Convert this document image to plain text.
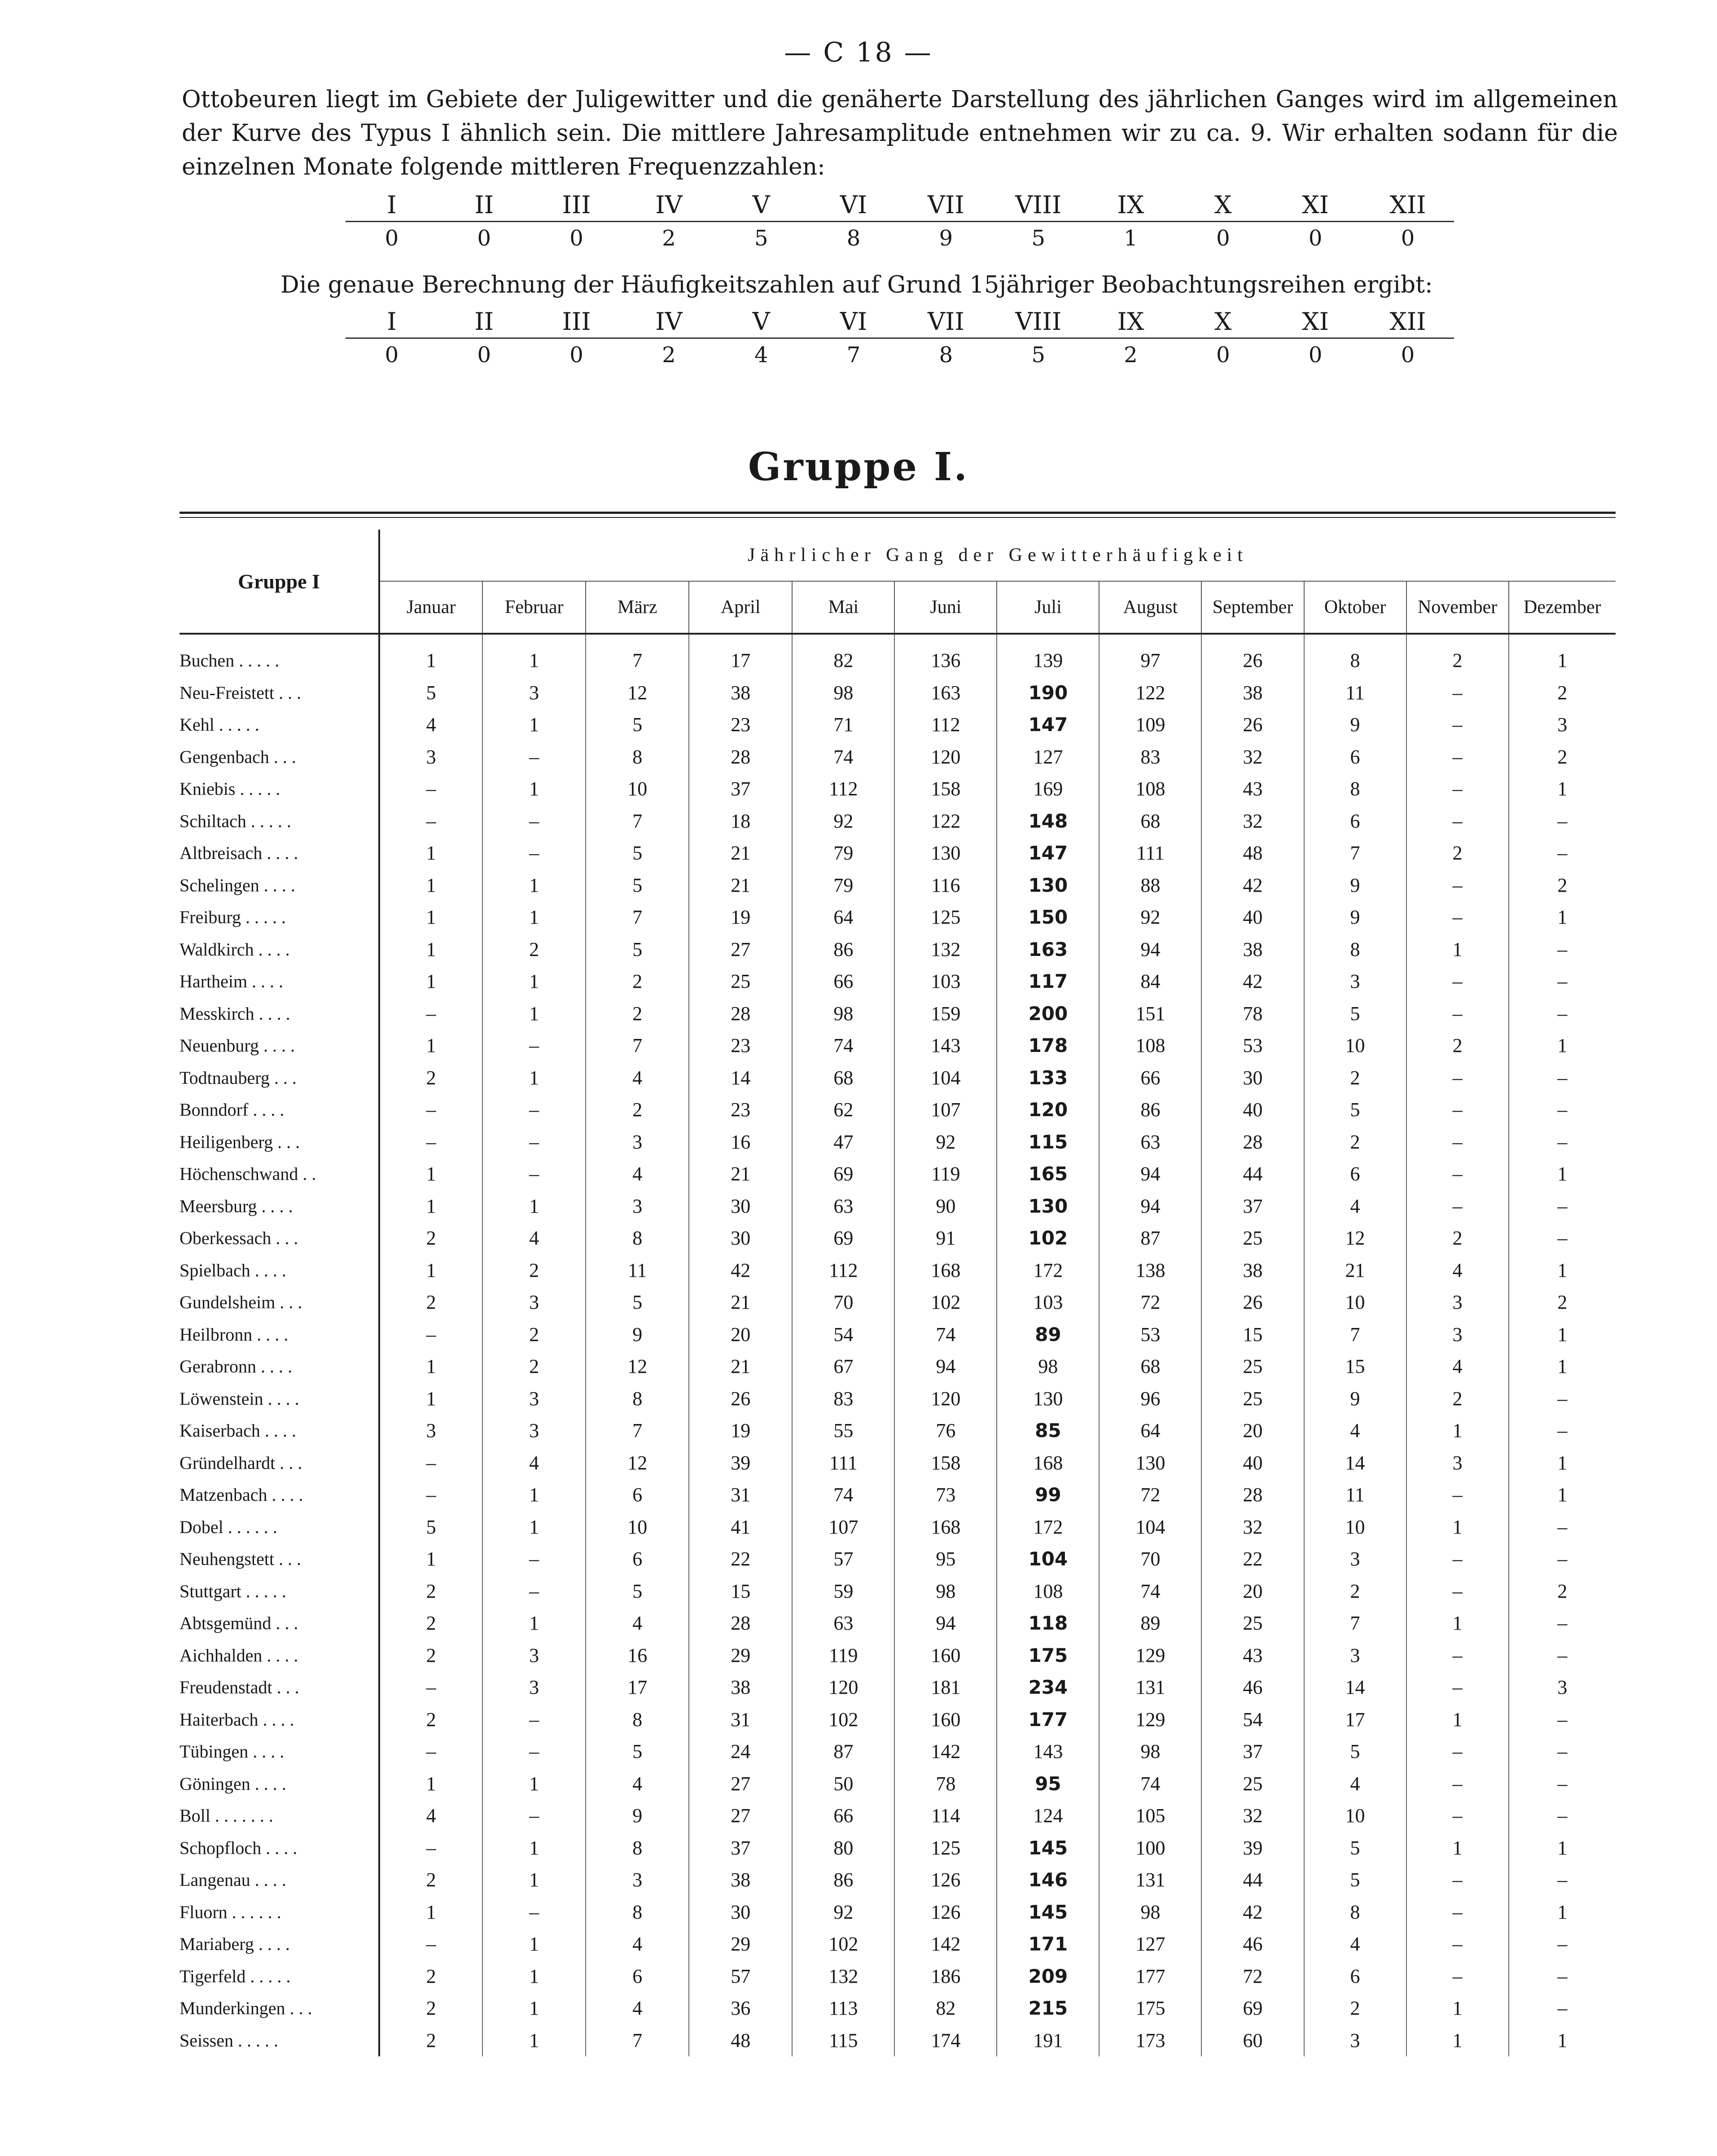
— C 18 —

Ottobeuren liegt im Gebiete der Juligewitter und die genäherte Darstellung des jährlichen Ganges wird im allgemeinen der Kurve des Typus I ähnlich sein. Die mittlere Jahresamplitude entnehmen wir zu ca. 9. Wir erhalten sodann für die einzelnen Monate folgende mittleren Frequenzzahlen:

I	II	III	IV	V	VI	VII	VIII	IX	X	XI	XII
0	0	0	2	5	8	9	5	1	0	0	0
Die genaue Berechnung der Häufigkeitszahlen auf Grund 15jähriger Beobachtungsreihen ergibt:
I	II	III	IV	V	VI	VII	VIII	IX	X	XI	XII
0	0	0	2	4	7	8	5	2	0	0	0
Gruppe I.
Gruppe I	Jährlicher Gang der Gewitterhäufigkeit											
	Januar	Februar	März	April	Mai	Juni	Juli	August	September	Oktober	November	Dezember
Buchen . . . . .	1	1	7	17	82	136	139	97	26	8	2	1
Neu-Freistett . . .	5	3	12	38	98	163	190	122	38	11	–	2
Kehl . . . . .	4	1	5	23	71	112	147	109	26	9	–	3
Gengenbach . . .	3	–	8	28	74	120	127	83	32	6	–	2
Kniebis . . . . .	–	1	10	37	112	158	169	108	43	8	–	1
Schiltach . . . . .	–	–	7	18	92	122	148	68	32	6	–	–
Altbreisach . . . .	1	–	5	21	79	130	147	111	48	7	2	–
Schelingen . . . .	1	1	5	21	79	116	130	88	42	9	–	2
Freiburg . . . . .	1	1	7	19	64	125	150	92	40	9	–	1
Waldkirch . . . .	1	2	5	27	86	132	163	94	38	8	1	–
Hartheim . . . .	1	1	2	25	66	103	117	84	42	3	–	–
Messkirch . . . .	–	1	2	28	98	159	200	151	78	5	–	–
Neuenburg . . . .	1	–	7	23	74	143	178	108	53	10	2	1
Todtnauberg . . .	2	1	4	14	68	104	133	66	30	2	–	–
Bonndorf . . . .	–	–	2	23	62	107	120	86	40	5	–	–
Heiligenberg . . .	–	–	3	16	47	92	115	63	28	2	–	–
Höchenschwand . .	1	–	4	21	69	119	165	94	44	6	–	1
Meersburg . . . .	1	1	3	30	63	90	130	94	37	4	–	–
Oberkessach . . .	2	4	8	30	69	91	102	87	25	12	2	–
Spielbach . . . .	1	2	11	42	112	168	172	138	38	21	4	1
Gundelsheim . . .	2	3	5	21	70	102	103	72	26	10	3	2
Heilbronn . . . .	–	2	9	20	54	74	89	53	15	7	3	1
Gerabronn . . . .	1	2	12	21	67	94	98	68	25	15	4	1
Löwenstein . . . .	1	3	8	26	83	120	130	96	25	9	2	–
Kaiserbach . . . .	3	3	7	19	55	76	85	64	20	4	1	–
Gründelhardt . . .	–	4	12	39	111	158	168	130	40	14	3	1
Matzenbach . . . .	–	1	6	31	74	73	99	72	28	11	–	1
Dobel . . . . . .	5	1	10	41	107	168	172	104	32	10	1	–
Neuhengstett . . .	1	–	6	22	57	95	104	70	22	3	–	–
Stuttgart . . . . .	2	–	5	15	59	98	108	74	20	2	–	2
Abtsgemünd . . .	2	1	4	28	63	94	118	89	25	7	1	–
Aichhalden . . . .	2	3	16	29	119	160	175	129	43	3	–	–
Freudenstadt . . .	–	3	17	38	120	181	234	131	46	14	–	3
Haiterbach . . . .	2	–	8	31	102	160	177	129	54	17	1	–
Tübingen . . . .	–	–	5	24	87	142	143	98	37	5	–	–
Göningen . . . .	1	1	4	27	50	78	95	74	25	4	–	–
Boll . . . . . . .	4	–	9	27	66	114	124	105	32	10	–	–
Schopfloch . . . .	–	1	8	37	80	125	145	100	39	5	1	1
Langenau . . . .	2	1	3	38	86	126	146	131	44	5	–	–
Fluorn . . . . . .	1	–	8	30	92	126	145	98	42	8	–	1
Mariaberg . . . .	–	1	4	29	102	142	171	127	46	4	–	–
Tigerfeld . . . . .	2	1	6	57	132	186	209	177	72	6	–	–
Munderkingen . . .	2	1	4	36	113	82	215	175	69	2	1	–
Seissen . . . . .	2	1	7	48	115	174	191	173	60	3	1	1
